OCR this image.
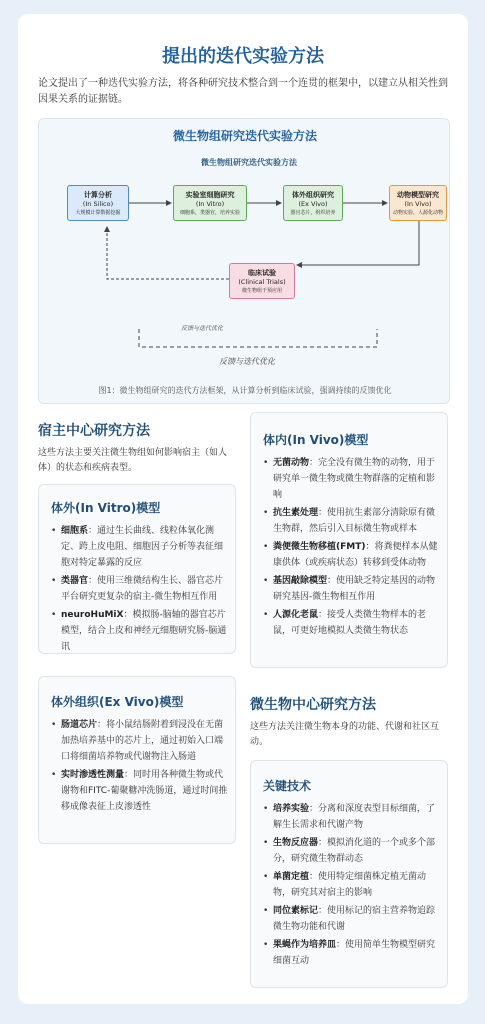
提出的迭代实验方法
论文提出了一种迭代实验方法，将各种研究技术整合到一个连贯的框架中，以建立从相关性到因果关系的证据链。
微生物组研究迭代实验方法
微生物组研究迭代实验方法
计算分析
(In Silico)
大规模计算数据挖掘
实验室细胞研究
(In Vitro)
细胞系，类器官，培养实验
体外组织研究
(Ex Vivo)
器官芯片，组织培养
动物模型研究
(In Vivo)
动物实验，人源化动物
临床试验
(Clinical Trials)
微生物组干预应用
反馈与迭代优化
反馈与迭代优化
图1：微生物组研究的迭代方法框架，从计算分析到临床试验，强调持续的反馈优化
宿主中心研究方法
这些方法主要关注微生物组如何影响宿主（如人体）的状态和疾病表型。
体外(In Vitro)模型
• 细胞系：通过生长曲线、线粒体氧化测定、跨上皮电阻、细胞因子分析等表征细胞对特定暴露的反应
• 类器官：使用三维微结构生长、器官芯片平台研究更复杂的宿主-微生物相互作用
• neuroHuMiX：模拟肠-脑轴的器官芯片模型，结合上皮和神经元细胞研究肠-脑通讯
体外组织(Ex Vivo)模型
• 肠道芯片：将小鼠结肠附着到浸没在无菌加热培养基中的芯片上，通过初始入口端口将细菌培养物或代谢物注入肠道
• 实时渗透性测量：同时用各种微生物或代谢物和FITC-葡聚糖冲洗肠道，通过时间推移成像表征上皮渗透性
体内(In Vivo)模型
• 无菌动物：完全没有微生物的动物，用于研究单一微生物或微生物群落的定植和影响
• 抗生素处理：使用抗生素部分清除原有微生物群，然后引入目标微生物或样本
• 粪便微生物移植(FMT)：将粪便样本从健康供体（或疾病状态）转移到受体动物
• 基因敲除模型：使用缺乏特定基因的动物研究基因-微生物相互作用
• 人源化老鼠：接受人类微生物样本的老鼠，可更好地模拟人类微生物状态
微生物中心研究方法
这些方法关注微生物本身的功能、代谢和社区互动。
关键技术
• 培养实验：分离和深度表型目标细菌，了解生长需求和代谢产物
• 生物反应器：模拟消化道的一个或多个部分，研究微生物群动态
• 单菌定植：使用特定细菌株定植无菌动物，研究其对宿主的影响
• 同位素标记：使用标记的宿主营养物追踪微生物功能和代谢
• 果蝇作为培养皿：使用简单生物模型研究细菌互动
